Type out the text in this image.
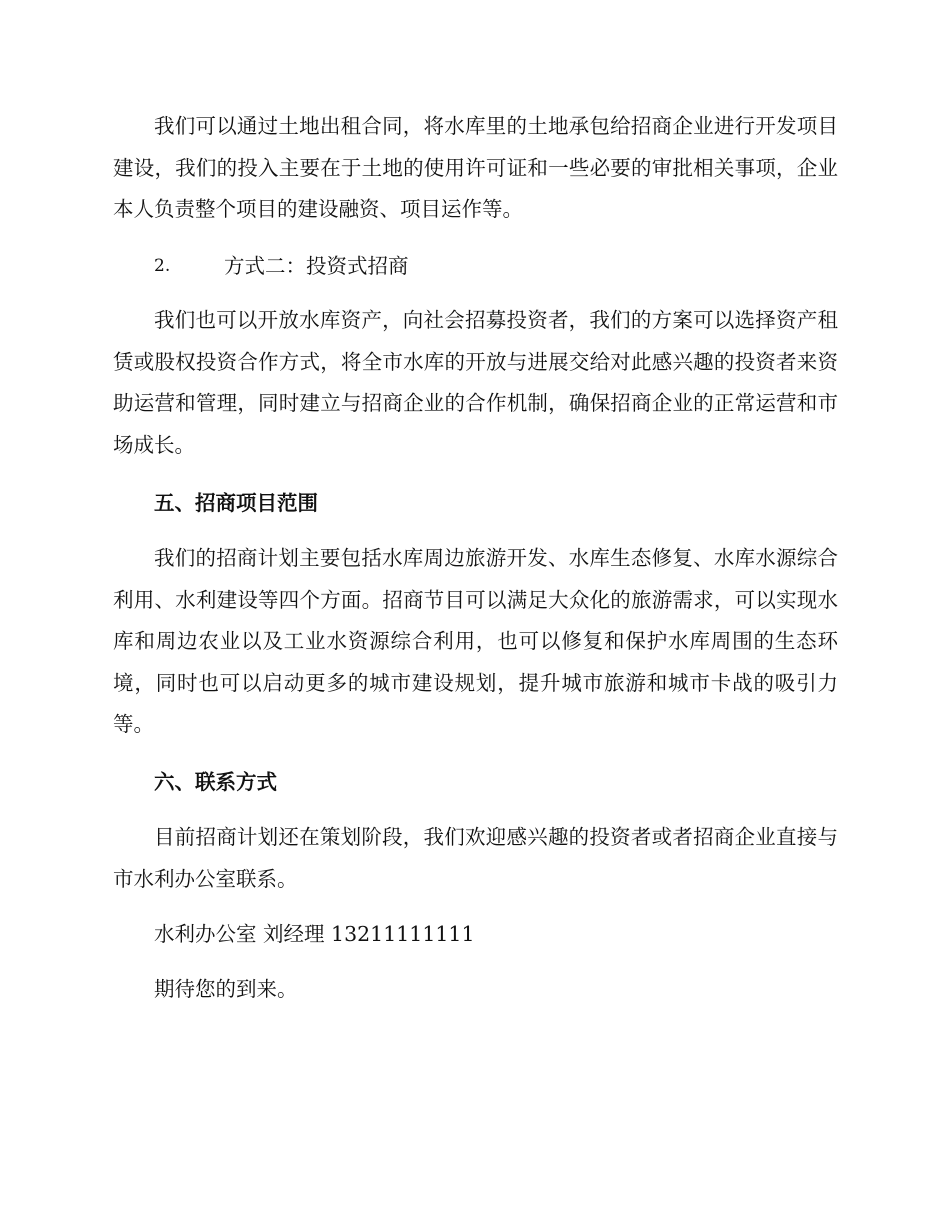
我们可以通过土地出租合同，将水库里的土地承包给招商企业进行开发项目建设，我们的投入主要在于土地的使用许可证和一些必要的审批相关事项，企业本人负责整个项目的建设融资、项目运作等。

2.	方式二：投资式招商

我们也可以开放水库资产，向社会招募投资者，我们的方案可以选择资产租赁或股权投资合作方式，将全市水库的开放与进展交给对此感兴趣的投资者来资助运营和管理，同时建立与招商企业的合作机制，确保招商企业的正常运营和市场成长。

五、招商项目范围

我们的招商计划主要包括水库周边旅游开发、水库生态修复、水库水源综合利用、水利建设等四个方面。招商节目可以满足大众化的旅游需求，可以实现水库和周边农业以及工业水资源综合利用，也可以修复和保护水库周围的生态环境，同时也可以启动更多的城市建设规划，提升城市旅游和城市卡战的吸引力等。

六、联系方式

目前招商计划还在策划阶段，我们欢迎感兴趣的投资者或者招商企业直接与市水利办公室联系。

水利办公室 刘经理 13211111111

期待您的到来。
